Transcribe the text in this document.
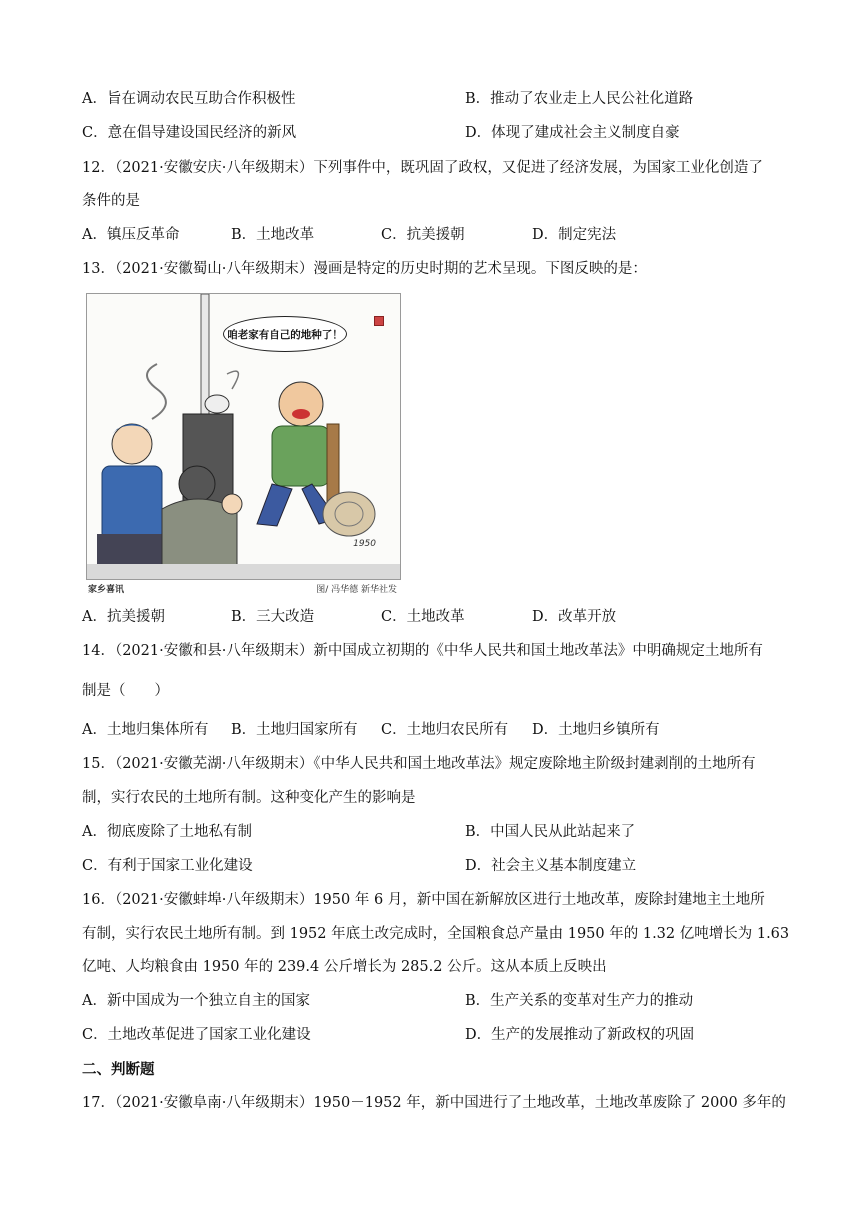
A．旨在调动农民互助合作积极性	B．推动了农业走上人民公社化道路
C．意在倡导建设国民经济的新风	D．体现了建成社会主义制度自豪
12．（2021·安徽安庆·八年级期末）下列事件中，既巩固了政权，又促进了经济发展，为国家工业化创造了
条件的是
A．镇压反革命	B．土地改革	C．抗美援朝	D．制定宪法
13．（2021·安徽蜀山·八年级期末）漫画是特定的历史时期的艺术呈现。下图反映的是：
咱老家有自己的地种了！
1950
家乡喜讯	图/ 冯华德 新华社发
A．抗美援朝	B．三大改造	C．土地改革	D．改革开放
14．（2021·安徽和县·八年级期末）新中国成立初期的《中华人民共和国土地改革法》中明确规定土地所有
制是（　　）
A．土地归集体所有 B．土地归国家所有 C．土地归农民所有 D．土地归乡镇所有
15．（2021·安徽芜湖·八年级期末）《中华人民共和国土地改革法》规定废除地主阶级封建剥削的土地所有
制，实行农民的土地所有制。这种变化产生的影响是
A．彻底废除了土地私有制	B．中国人民从此站起来了
C．有利于国家工业化建设	D．社会主义基本制度建立
16．（2021·安徽蚌埠·八年级期末）1950 年 6 月，新中国在新解放区进行土地改革，废除封建地主土地所
有制，实行农民土地所有制。到 1952 年底土改完成时，全国粮食总产量由 1950 年的 1.32 亿吨增长为 1.63
亿吨、人均粮食由 1950 年的 239.4 公斤增长为 285.2 公斤。这从本质上反映出
A．新中国成为一个独立自主的国家	B．生产关系的变革对生产力的推动
C．土地改革促进了国家工业化建设	D．生产的发展推动了新政权的巩固
二、判断题
17．（2021·安徽阜南·八年级期末）1950－1952 年，新中国进行了土地改革，土地改革废除了 2000 多年的
